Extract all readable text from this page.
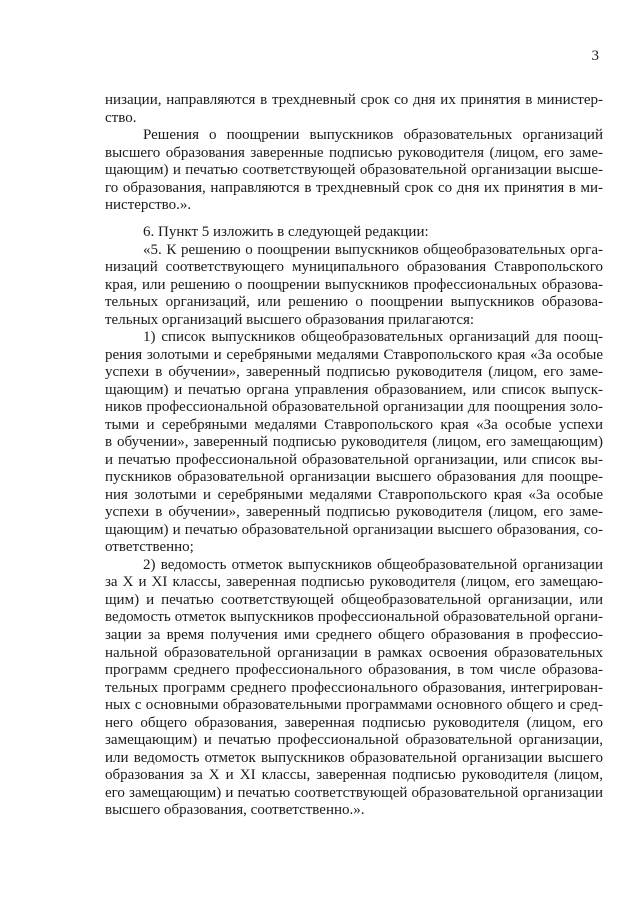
3
низации, направляются в трехдневный срок со дня их принятия в министер-
ство.
Решения о поощрении выпускников образовательных организаций
высшего образования заверенные подписью руководителя (лицом, его заме-
щающим) и печатью соответствующей образовательной организации высше-
го образования, направляются в трехдневный срок со дня их принятия в ми-
нистерство.».
6. Пункт 5 изложить в следующей редакции:
«5. К решению о поощрении выпускников общеобразовательных орга-
низаций соответствующего муниципального образования Ставропольского
края, или решению о поощрении выпускников профессиональных образова-
тельных организаций, или решению о поощрении выпускников образова-
тельных организаций высшего образования прилагаются:
1) список выпускников общеобразовательных организаций для поощ-
рения золотыми и серебряными медалями Ставропольского края «За особые
успехи в обучении», заверенный подписью руководителя (лицом, его заме-
щающим) и печатью органа управления образованием, или список выпуск-
ников профессиональной образовательной организации для поощрения золо-
тыми и серебряными медалями Ставропольского края «За особые успехи
в обучении», заверенный подписью руководителя (лицом, его замещающим)
и печатью профессиональной образовательной организации, или список вы-
пускников образовательной организации высшего образования для поощре-
ния золотыми и серебряными медалями Ставропольского края «За особые
успехи в обучении», заверенный подписью руководителя (лицом, его заме-
щающим) и печатью образовательной организации высшего образования, со-
ответственно;
2) ведомость отметок выпускников общеобразовательной организации
за X и XI классы, заверенная подписью руководителя (лицом, его замещаю-
щим) и печатью соответствующей общеобразовательной организации, или
ведомость отметок выпускников профессиональной образовательной органи-
зации за время получения ими среднего общего образования в профессио-
нальной образовательной организации в рамках освоения образовательных
программ среднего профессионального образования, в том числе образова-
тельных программ среднего профессионального образования, интегрирован-
ных с основными образовательными программами основного общего и сред-
него общего образования, заверенная подписью руководителя (лицом, его
замещающим) и печатью профессиональной образовательной организации,
или ведомость отметок выпускников образовательной организации высшего
образования за X и XI классы, заверенная подписью руководителя (лицом,
его замещающим) и печатью соответствующей образовательной организации
высшего образования, соответственно.».
